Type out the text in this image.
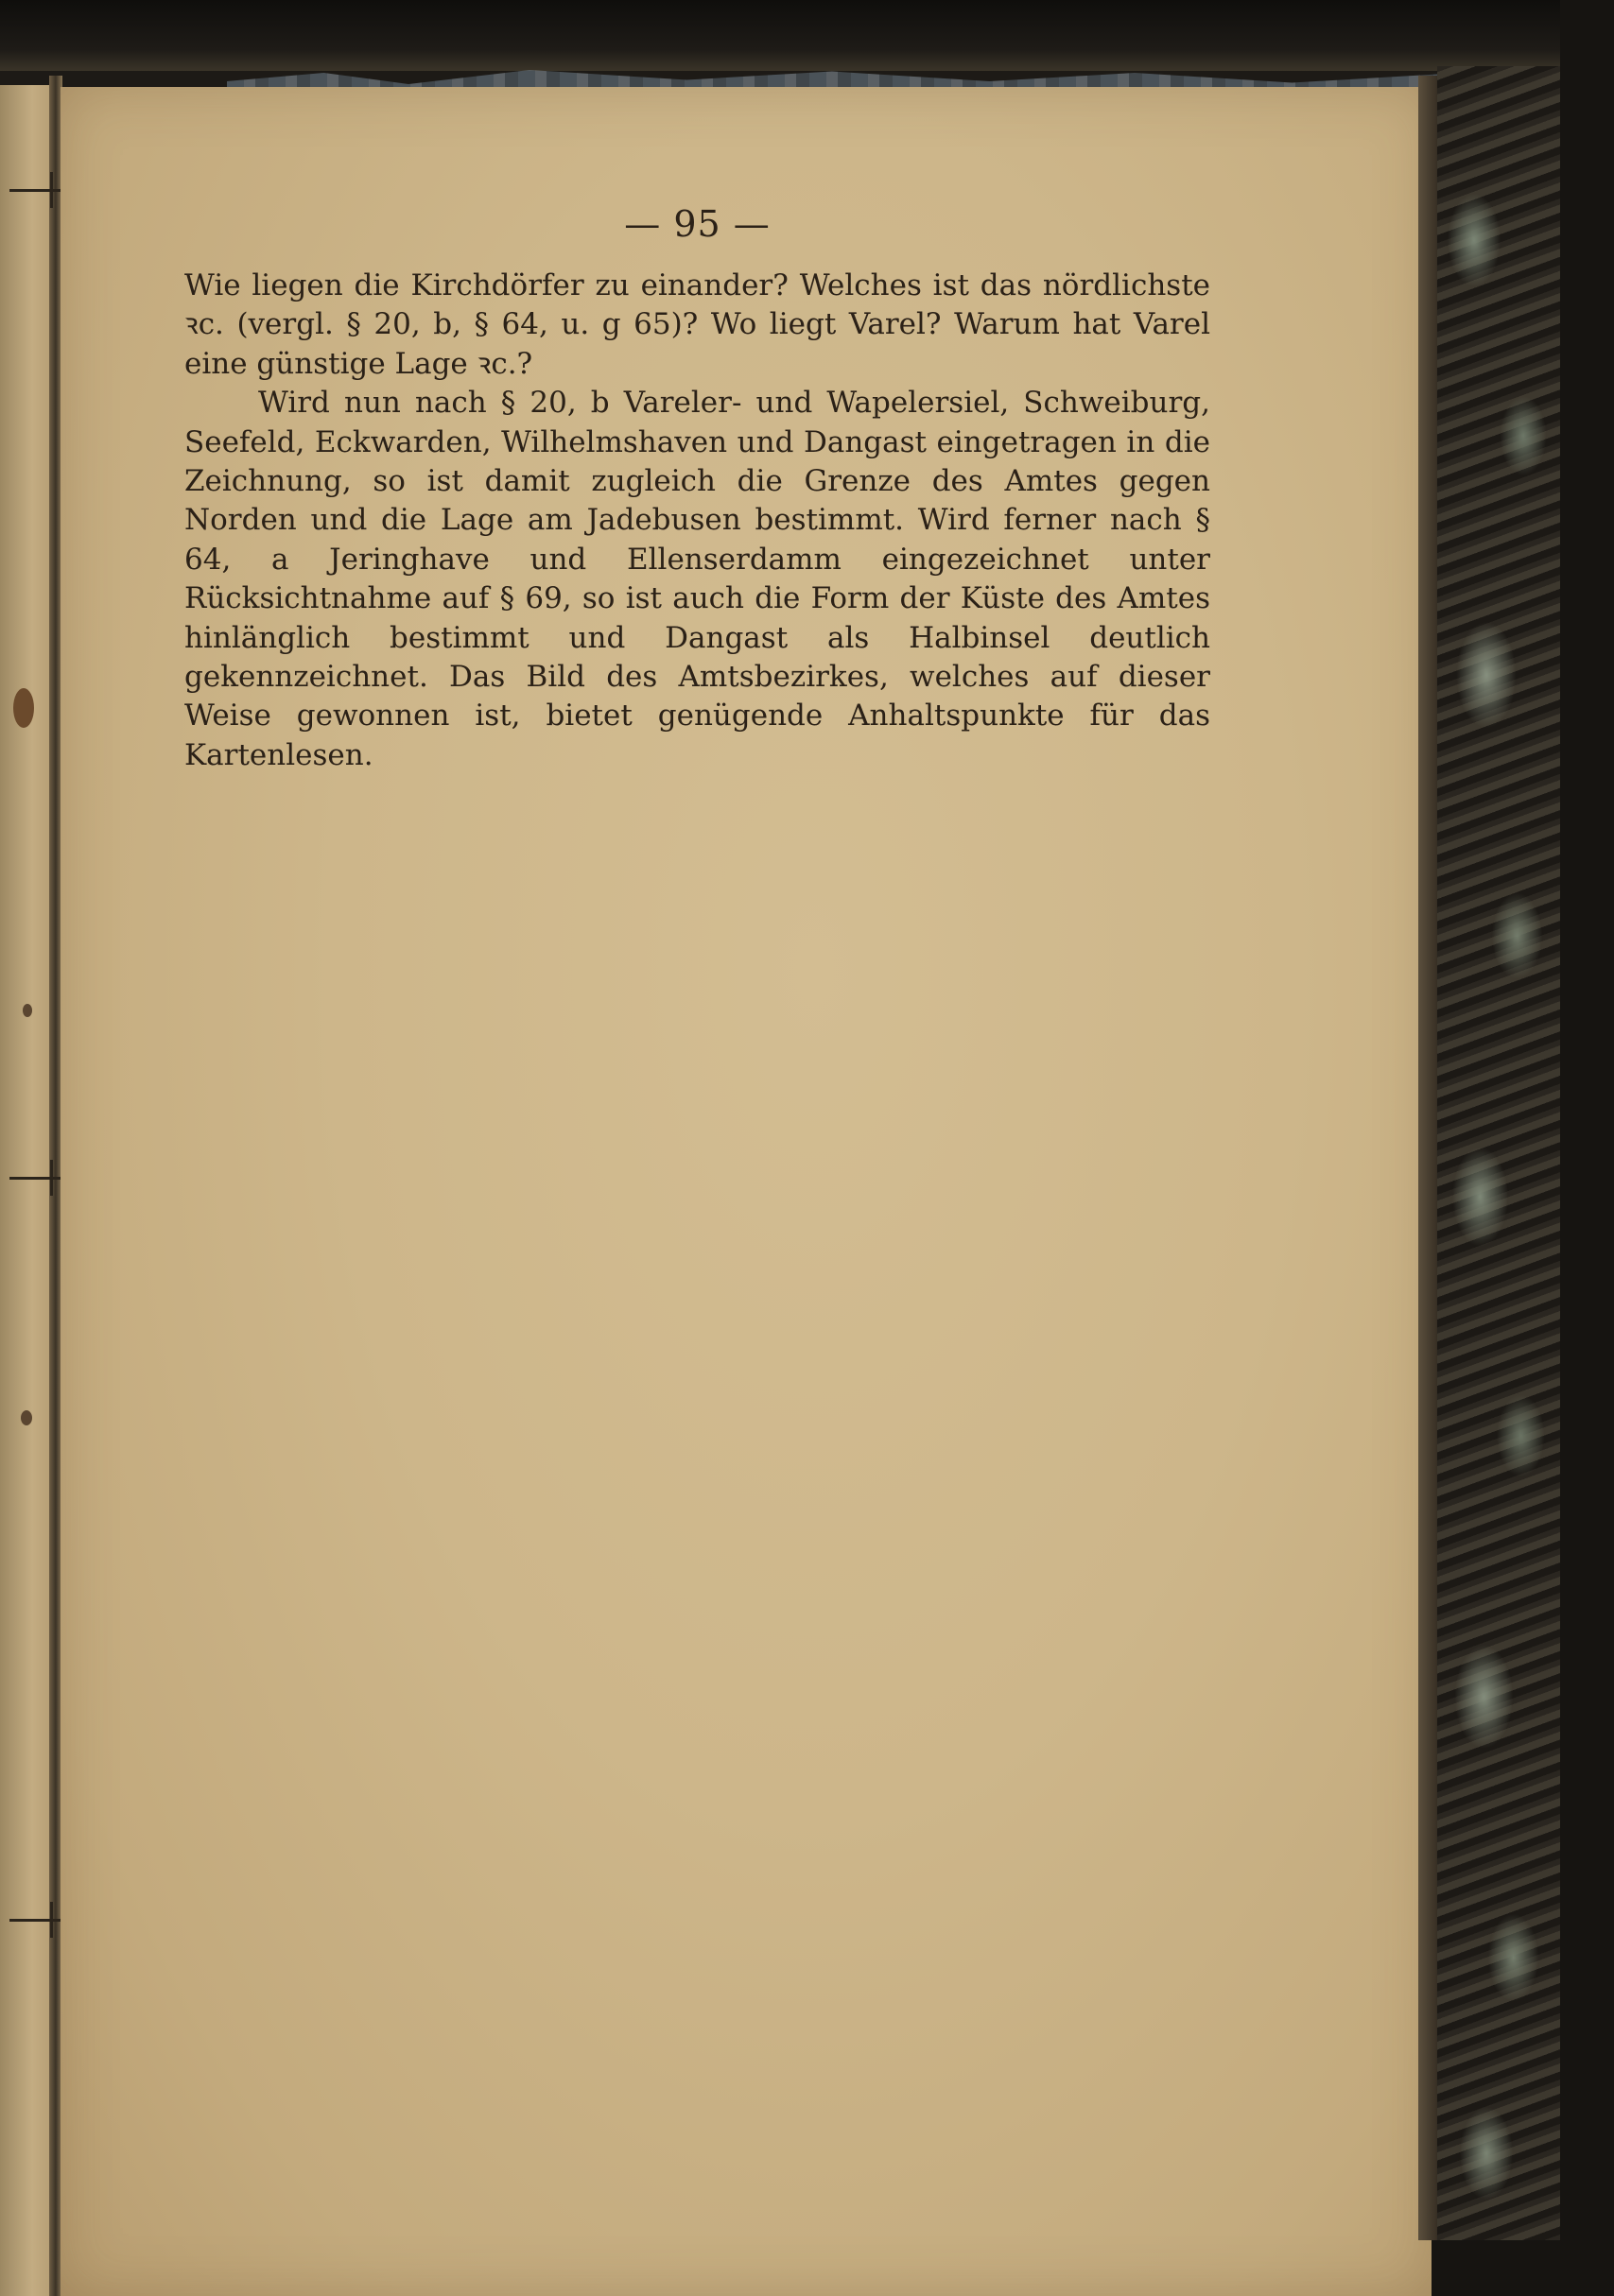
— 95 —

Wie liegen die Kirchdörfer zu einander? Welches ist das nördlichste ꝛc. (vergl. § 20, b, § 64, u. g 65)? Wo liegt Varel? Warum hat Varel eine günstige Lage ꝛc.?

Wird nun nach § 20, b Vareler- und Wapelersiel, Schweiburg, Seefeld, Eckwarden, Wilhelmshaven und Dangast eingetragen in die Zeichnung, so ist damit zugleich die Grenze des Amtes gegen Norden und die Lage am Jadebusen bestimmt. Wird ferner nach § 64, a Jeringhave und Ellenserdamm eingezeichnet unter Rücksichtnahme auf § 69, so ist auch die Form der Küste des Amtes hinlänglich bestimmt und Dangast als Halbinsel deutlich gekennzeichnet. Das Bild des Amtsbezirkes, welches auf dieser Weise gewonnen ist, bietet genügende Anhaltspunkte für das Kartenlesen.
